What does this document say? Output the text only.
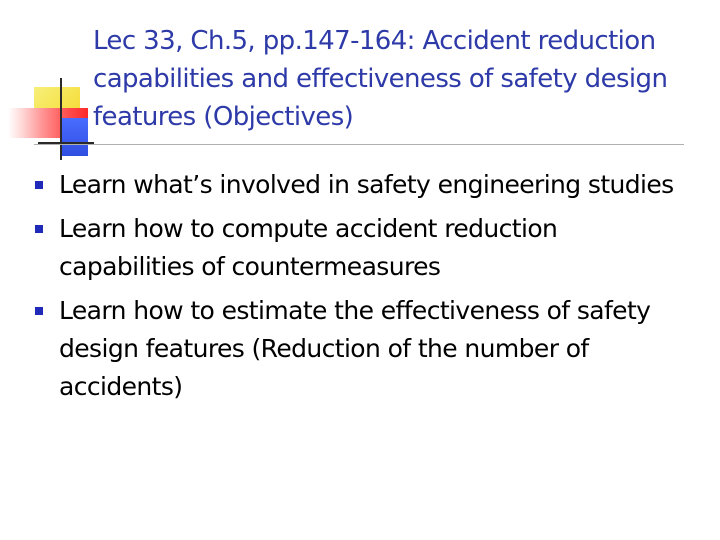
Lec 33, Ch.5, pp.147-164: Accident reduction capabilities and effectiveness of safety design features (Objectives)
Learn what’s involved in safety engineering studies
Learn how to compute accident reduction capabilities of countermeasures
Learn how to estimate the effectiveness of safety design features (Reduction of the number of accidents)
